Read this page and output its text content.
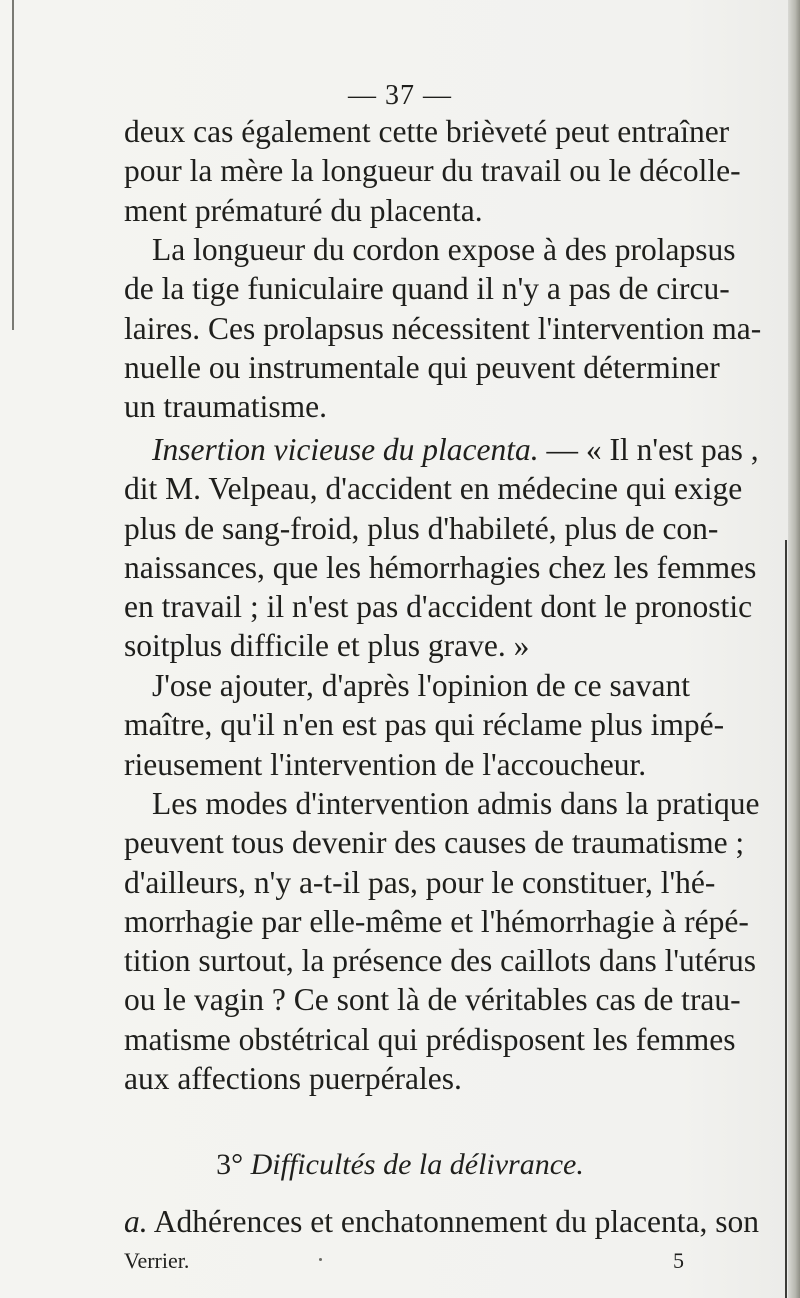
— 37 —
deux cas également cette brièveté peut entraîner
pour la mère la longueur du travail ou le décolle-
ment prématuré du placenta.
La longueur du cordon expose à des prolapsus
de la tige funiculaire quand il n'y a pas de circu-
laires. Ces prolapsus nécessitent l'intervention ma-
nuelle ou instrumentale qui peuvent déterminer
un traumatisme.
Insertion vicieuse du placenta. — « Il n'est pas ,
dit M. Velpeau, d'accident en médecine qui exige
plus de sang-froid, plus d'habileté, plus de con-
naissances, que les hémorrhagies chez les femmes
en travail ; il n'est pas d'accident dont le pronostic
soitplus difficile et plus grave. »
J'ose ajouter, d'après l'opinion de ce savant
maître, qu'il n'en est pas qui réclame plus impé-
rieusement l'intervention de l'accoucheur.
Les modes d'intervention admis dans la pratique
peuvent tous devenir des causes de traumatisme ;
d'ailleurs, n'y a-t-il pas, pour le constituer, l'hé-
morrhagie par elle-même et l'hémorrhagie à répé-
tition surtout, la présence des caillots dans l'utérus
ou le vagin ? Ce sont là de véritables cas de trau-
matisme obstétrical qui prédisposent les femmes
aux affections puerpérales.
3° Difficultés de la délivrance.
a. Adhérences et enchatonnement du placenta, son
Verrier.	5
